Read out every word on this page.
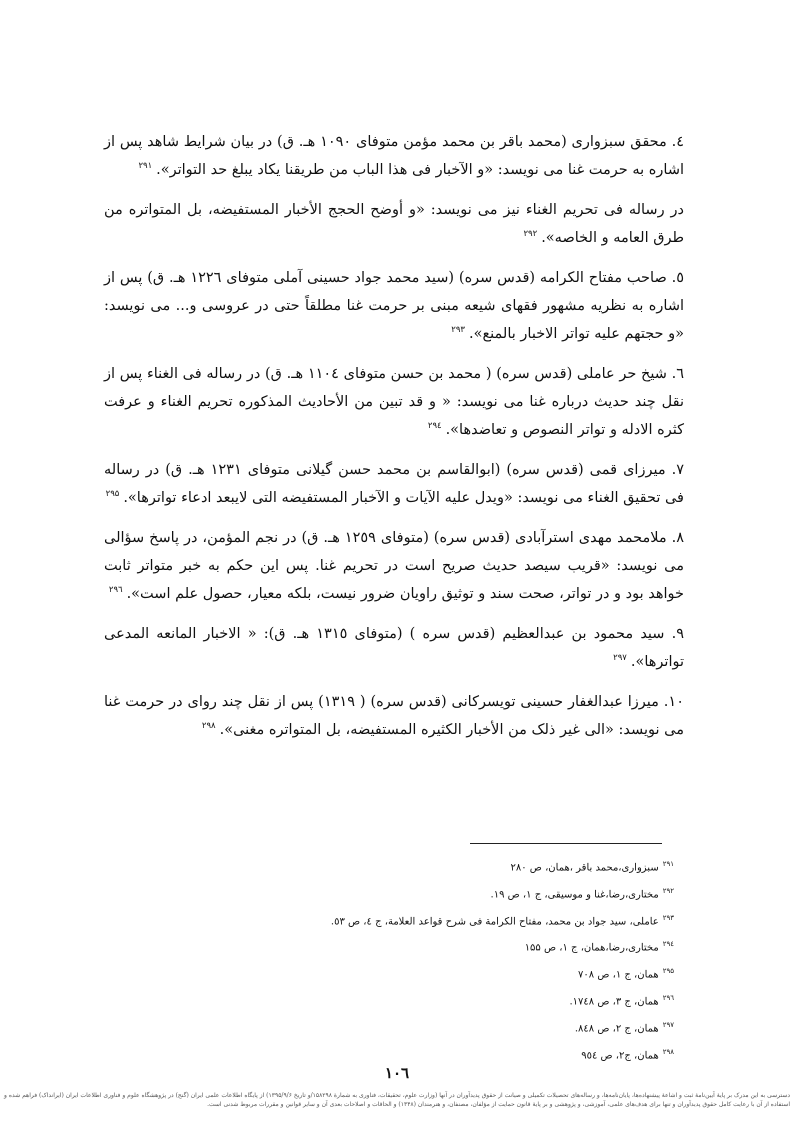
٤. محقق سبزواری (محمد باقر بن محمد مؤمن متوفای ١٠٩٠ هـ. ق) در بیان شرایط شاهد پس از اشاره به حرمت غنا می نویسد: «و الآخبار فی هذا الباب من طریقنا یکاد یبلغ حد التواتر».$^{۲۹۱}$

در رساله فی تحریم الغناء نیز می نویسد: «و أوضح الحجج الأخبار المستفیضه، بل المتواتره من طرق العامه و الخاصه».$^{۲۹۲}$

٥. صاحب مفتاح الکرامه (قدس سره) (سید محمد جواد حسینی آملی متوفای ١٢٢٦ هـ. ق) پس از اشاره به نظریه مشهور فقهای شیعه مبنی بر حرمت غنا مطلقاً حتی در عروسی و... می نویسد: «و حجتهم علیه تواتر الاخبار بالمنع».$^{۲۹۳}$

٦. شیخ حر عاملی (قدس سره) ( محمد بن حسن متوفای ١١٠٤ هـ. ق) در رساله فی الغناء پس از نقل چند حدیث درباره غنا می نویسد: « و قد تبین من الأحادیث المذکوره تحریم الغناء و عرفت کثره الادله و تواتر النصوص و تعاضدها».$^{۲۹٤}$

٧. میرزای قمی (قدس سره) (ابوالقاسم بن محمد حسن گیلانی متوفای ١٢٣١ هـ. ق) در رساله فی تحقیق الغناء می نویسد: «ویدل علیه الآیات و الآخبار المستفیضه التی لایبعد ادعاء تواترها».$^{۲۹۵}$

٨. ملامحمد مهدی استرآبادی (قدس سره) (متوفای ١٢٥٩ هـ. ق) در نجم المؤمن، در پاسخ سؤالی می نویسد: «قریب سیصد حدیث صریح است در تحریم غنا. پس این حکم به خبر متواتر ثابت خواهد بود و در تواتر، صحت سند و توثیق راویان ضرور نیست، بلکه معیار، حصول علم است».$^{۲۹٦}$

٩. سید محمود بن عبدالعظیم (قدس سره ) (متوفای ١٣١٥ هـ. ق): « الاخبار المانعه المدعی تواترها».$^{۲۹۷}$

١٠. میرزا عبدالغفار حسینی تویسرکانی (قدس سره) ( ١٣١٩) پس از نقل چند روای در حرمت غنا می نویسد: «الی غیر ذلک من الأخبار الکثیره المستفیضه، بل المتواتره مغنی».$^{۲۹۸}$

$^{۲۹۱}$سبزواری،محمد باقر ،همان، ص ۲۸۰
$^{۲۹۲}$مختاری،رضا،غنا و موسیقی، ج ۱، ص ۱۹.
$^{۲۹۳}$عاملی، سید جواد بن محمد، مفتاح الکرامة فی شرح قواعد العلامة، ج ٤، ص ٥۳.
$^{۲۹٤}$مختاری،رضا،همان، ج ۱، ص ۱۵۵
$^{۲۹۵}$همان، ج ۱، ص ۷۰۸
$^{۲۹٦}$همان، ج ۳، ص ۱۷٤۸.
$^{۲۹۷}$همان، ج ۲، ص ۸٤۸.
$^{۲۹۸}$همان، ج۲، ص ۹٥٤
١٠٦
دسترسی به این مدرک بر پایهٔ آیین‌نامهٔ ثبت و اشاعهٔ پیشنهاده‌ها، پایان‌نامه‌ها، و رساله‌های تحصیلات تکمیلی و صیانت از حقوق پدیدآوران در آنها (وزارت علوم، تحقیقات، فناوری به شمارهٔ ۱۵۸۲۹۸/و تاریخ ۱۳۹۵/۹/۶) از پایگاه اطلاعات علمی ایران (گنج) در پژوهشگاه علوم و فناوری اطلاعات ایران (ایرانداک) فراهم شده و استفاده از آن با رعایت کامل حقوق پدیدآوران و تنها برای هدف‌های علمی، آموزشی، و پژوهشی و بر پایهٔ قانون حمایت از مؤلفان، مصنفان، و هنرمندان (۱۳۴۸) و الحاقات و اصلاحات بعدی آن و سایر قوانین و مقررات مربوط شدنی است.
